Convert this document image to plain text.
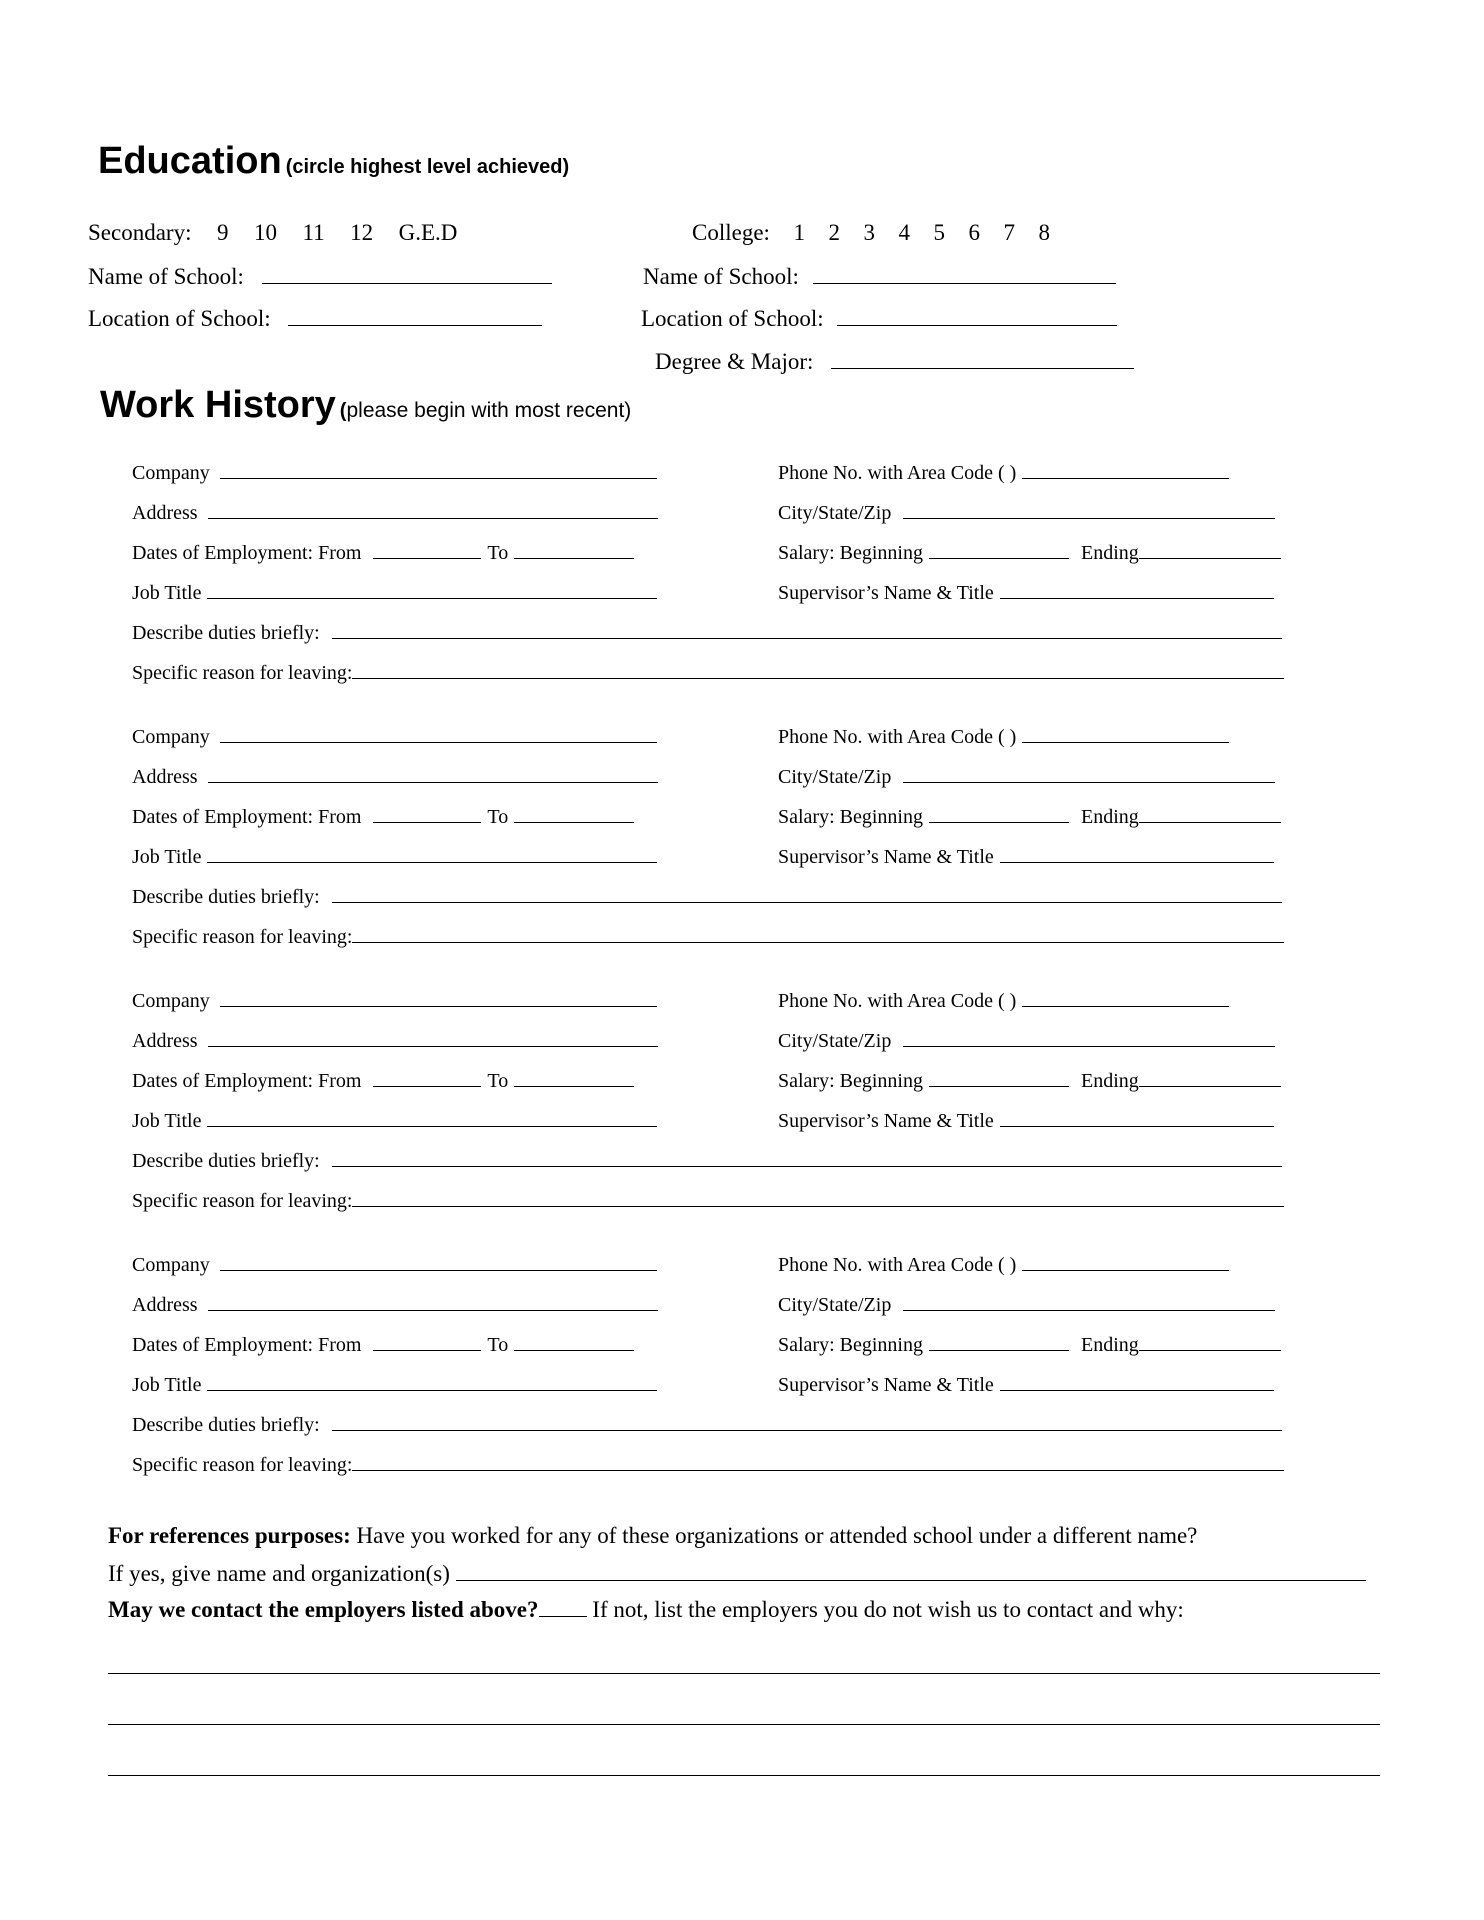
Education (circle highest level achieved)
Secondary: 9 10 11 12 G.E.D	College: 1 2 3 4 5 6 7 8
Name of School:	Name of School:
Location of School:	Location of School:
Degree & Major:
Work History (please begin with most recent)
Company	Phone No. with Area Code ( )
Address	City/State/Zip
Dates of Employment: From	To	Salary: Beginning	Ending
Job Title	Supervisor’s Name & Title
Describe duties briefly:
Specific reason for leaving:
Company	Phone No. with Area Code ( )
Address	City/State/Zip
Dates of Employment: From	To	Salary: Beginning	Ending
Job Title	Supervisor’s Name & Title
Describe duties briefly:
Specific reason for leaving:
Company	Phone No. with Area Code ( )
Address	City/State/Zip
Dates of Employment: From	To	Salary: Beginning	Ending
Job Title	Supervisor’s Name & Title
Describe duties briefly:
Specific reason for leaving:
Company	Phone No. with Area Code ( )
Address	City/State/Zip
Dates of Employment: From	To	Salary: Beginning	Ending
Job Title	Supervisor’s Name & Title
Describe duties briefly:
Specific reason for leaving:
For references purposes: Have you worked for any of these organizations or attended school under a different name?
If yes, give name and organization(s)
May we contact the employers listed above? If not, list the employers you do not wish us to contact and why:
